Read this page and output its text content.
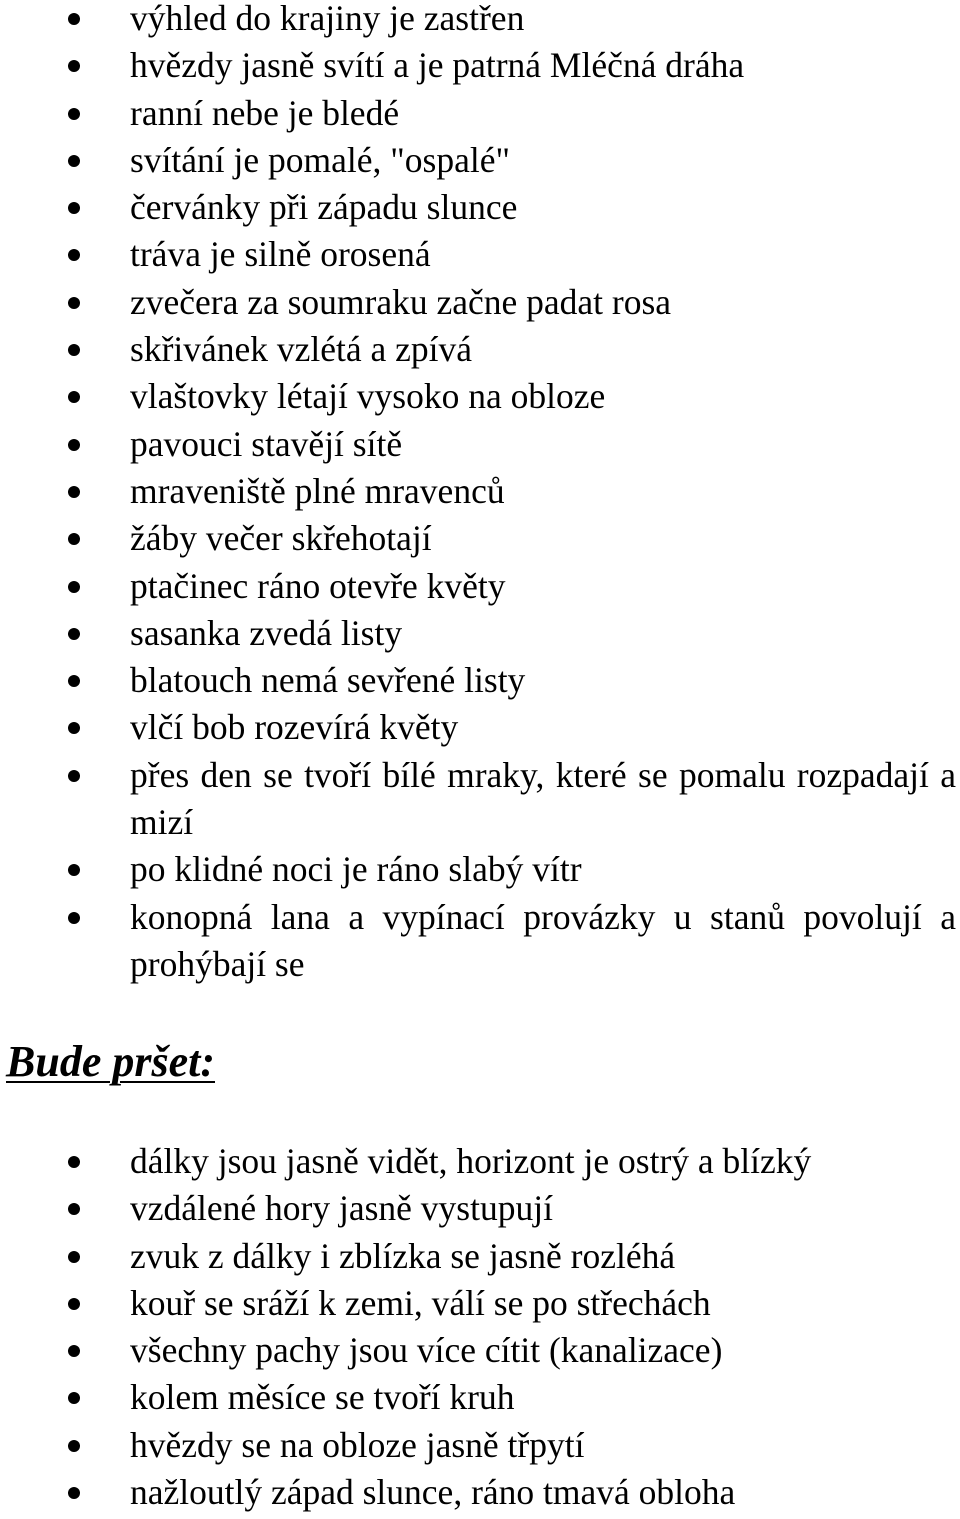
výhled do krajiny je zastřen
hvězdy jasně svítí a je patrná Mléčná dráha
ranní nebe je bledé
svítání je pomalé, "ospalé"
červánky při západu slunce
tráva je silně orosená
zvečera za soumraku začne padat rosa
skřivánek vzlétá a zpívá
vlaštovky létají vysoko na obloze
pavouci stavějí sítě
mraveniště plné mravenců
žáby večer skřehotají
ptačinec ráno otevře květy
sasanka zvedá listy
blatouch nemá sevřené listy
vlčí bob rozevírá květy
přes den se tvoří bílé mraky, které se pomalu rozpadají a mizí
po klidné noci je ráno slabý vítr
konopná lana a vypínací provázky u stanů povolují a prohýbají se
Bude pršet:
dálky jsou jasně vidět, horizont je ostrý a blízký
vzdálené hory jasně vystupují
zvuk z dálky i zblízka se jasně rozléhá
kouř se sráží k zemi, válí se po střechách
všechny pachy jsou více cítit (kanalizace)
kolem měsíce se tvoří kruh
hvězdy se na obloze jasně třpytí
nažloutlý západ slunce, ráno tmavá obloha
